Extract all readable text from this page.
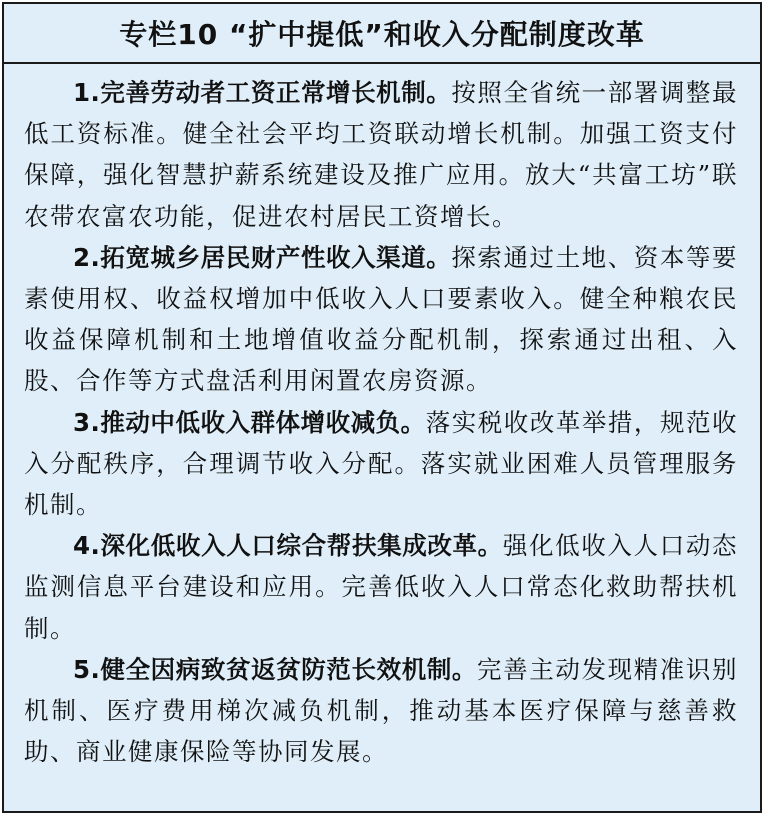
专栏10 “扩中提低”和收入分配制度改革

1.完善劳动者工资正常增长机制。按照全省统一部署调整最低工资标准。健全社会平均工资联动增长机制。加强工资支付保障，强化智慧护薪系统建设及推广应用。放大“共富工坊”联农带农富农功能，促进农村居民工资增长。

2.拓宽城乡居民财产性收入渠道。探索通过土地、资本等要素使用权、收益权增加中低收入人口要素收入。健全种粮农民收益保障机制和土地增值收益分配机制，探索通过出租、入股、合作等方式盘活利用闲置农房资源。

3.推动中低收入群体增收减负。落实税收改革举措，规范收入分配秩序，合理调节收入分配。落实就业困难人员管理服务机制。

4.深化低收入人口综合帮扶集成改革。强化低收入人口动态监测信息平台建设和应用。完善低收入人口常态化救助帮扶机制。

5.健全因病致贫返贫防范长效机制。完善主动发现精准识别机制、医疗费用梯次减负机制，推动基本医疗保障与慈善救助、商业健康保险等协同发展。
